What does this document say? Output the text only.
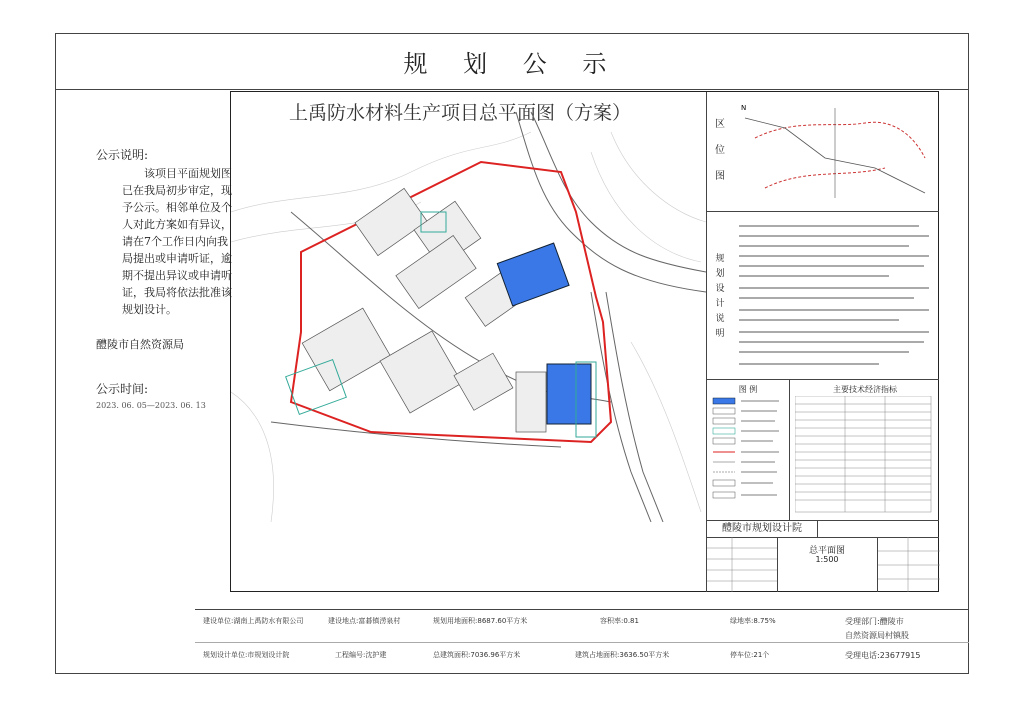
规 划 公 示
公示说明:
该项目平面规划图已在我局初步审定，现予公示。相邻单位及个人对此方案如有异议，请在7个工作日内向我局提出或申请听证，逾期不提出异议或申请听证，我局将依法批准该规划设计。
醴陵市自然资源局
公示时间:
2023. 06. 05—2023. 06. 13
上禹防水材料生产项目总平面图（方案）
区
位
图
N
规
划
设
计
说
明
图 例	主要技术经济指标
醴陵市规划设计院
总平面图
1:500
建设单位:湖南上禹防水有限公司	建设地点:富碁镇涝泉村	规划用地面积:8687.60平方米	容积率:0.81	绿地率:8.75%	受理部门:醴陵市
自然资源局村镇股
规划设计单位:市规划设计院	工程编号:沈护建	总建筑面积:7036.96平方米	建筑占地面积:3636.50平方米	停车位:21个	受理电话:23677915
